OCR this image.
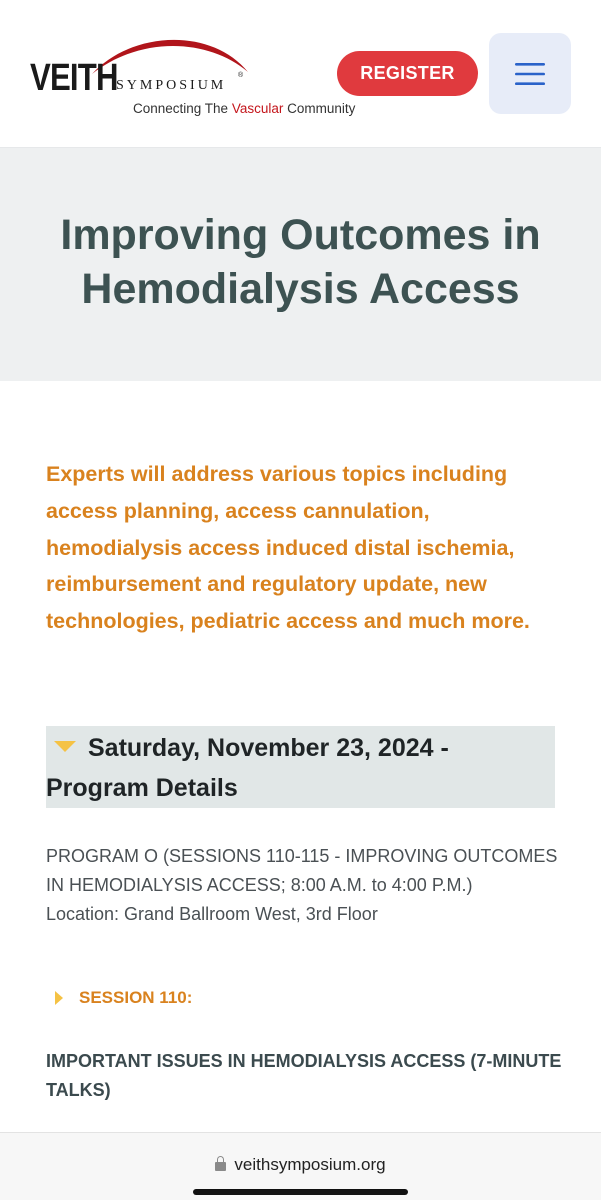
VEITH
SYMPOSIUM
®
Connecting The Vascular Community
REGISTER
Improving Outcomes in Hemodialysis Access

Experts will address various topics including access planning, access cannulation, hemodialysis access induced distal ischemia, reimbursement and regulatory update, new technologies, pediatric access and much more.

Saturday, November 23, 2024 - Program Details
PROGRAM O (SESSIONS 110-115 - IMPROVING OUTCOMES IN HEMODIALYSIS ACCESS; 8:00 A.M. to 4:00 P.M.)
Location: Grand Ballroom West, 3rd Floor
SESSION 110:
IMPORTANT ISSUES IN HEMODIALYSIS ACCESS (7-MINUTE TALKS)
veithsymposium.org
